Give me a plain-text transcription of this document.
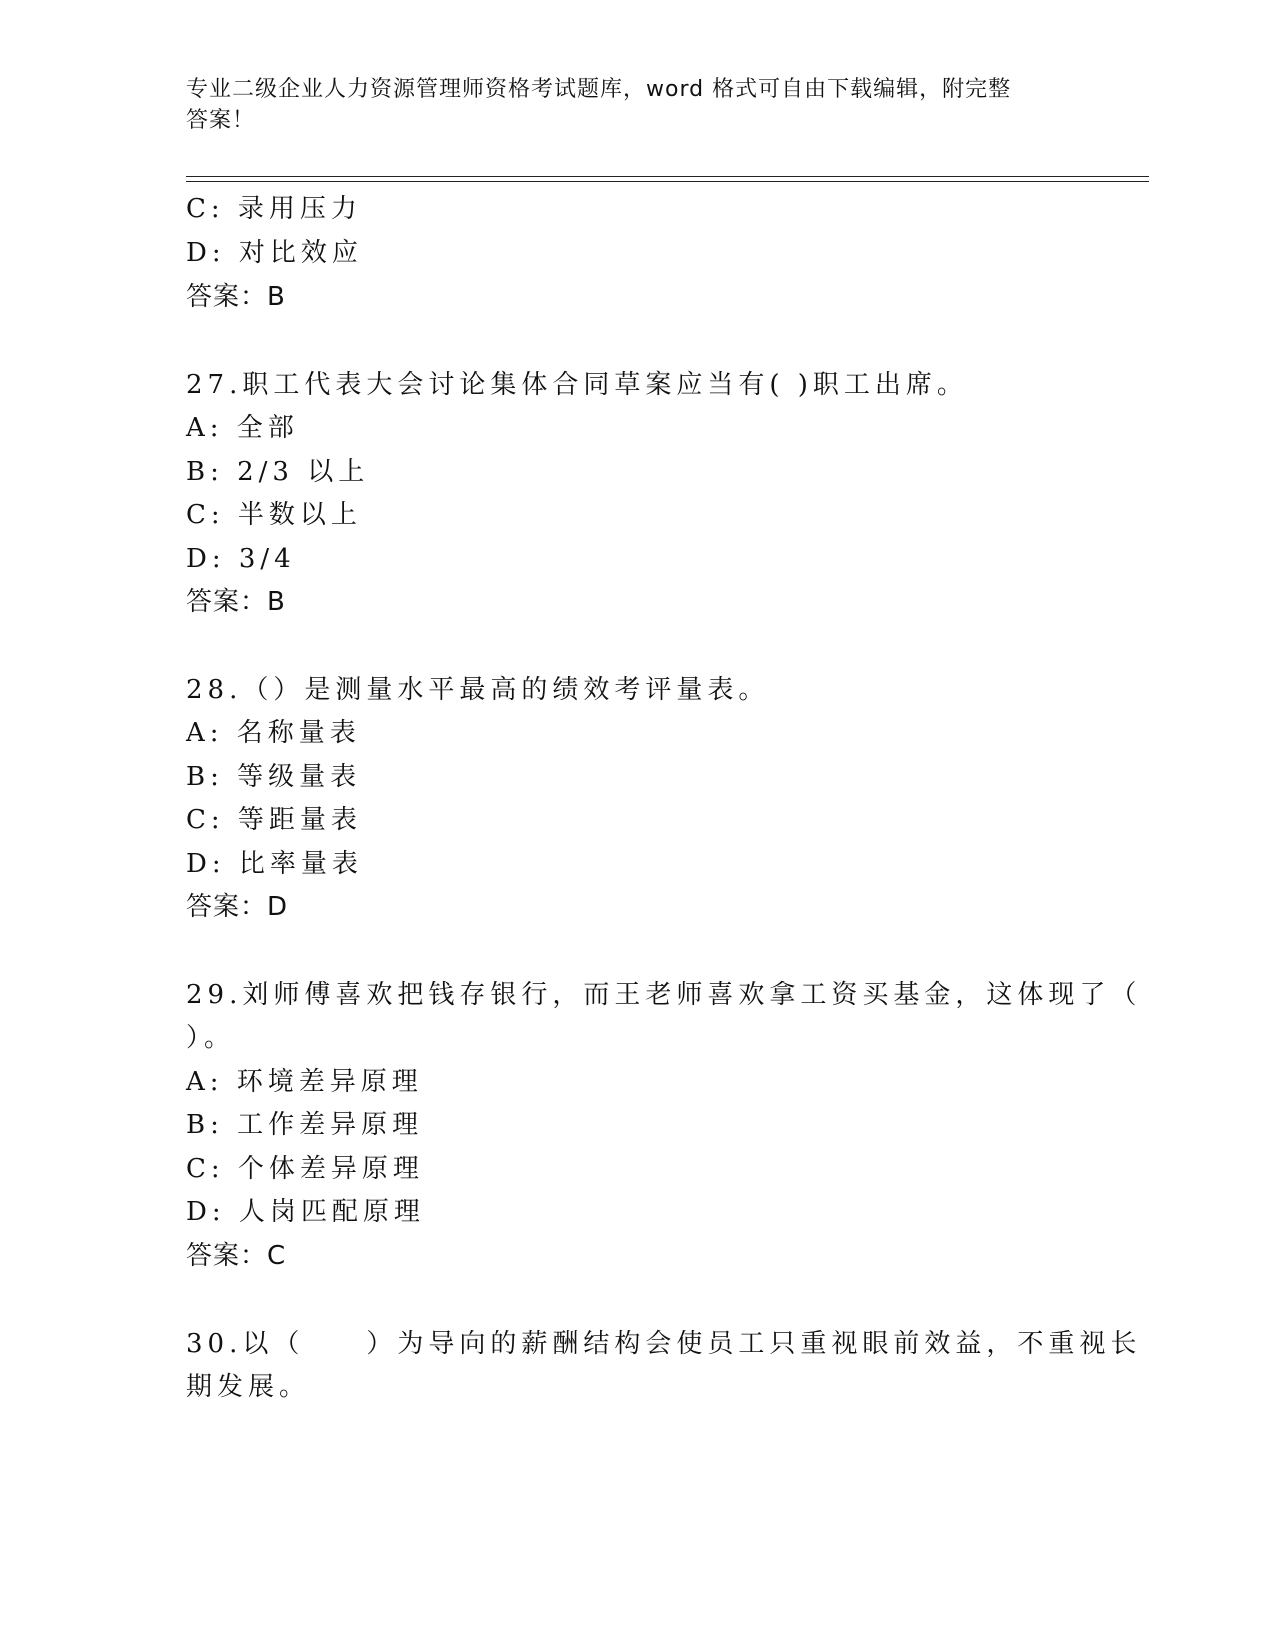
专业二级企业人力资源管理师资格考试题库，word 格式可自由下载编辑，附完整
答案！
C: 录用压力
D: 对比效应
答案：B
27.职工代表大会讨论集体合同草案应当有( )职工出席。
A: 全部
B: 2/3 以上
C: 半数以上
D: 3/4
答案：B
28.（）是测量水平最高的绩效考评量表。
A: 名称量表
B: 等级量表
C: 等距量表
D: 比率量表
答案：D
29.刘师傅喜欢把钱存银行，而王老师喜欢拿工资买基金，这体现了（
）。
A: 环境差异原理
B: 工作差异原理
C: 个体差异原理
D: 人岗匹配原理
答案：C
30.以（　　）为导向的薪酬结构会使员工只重视眼前效益，不重视长
期发展。
